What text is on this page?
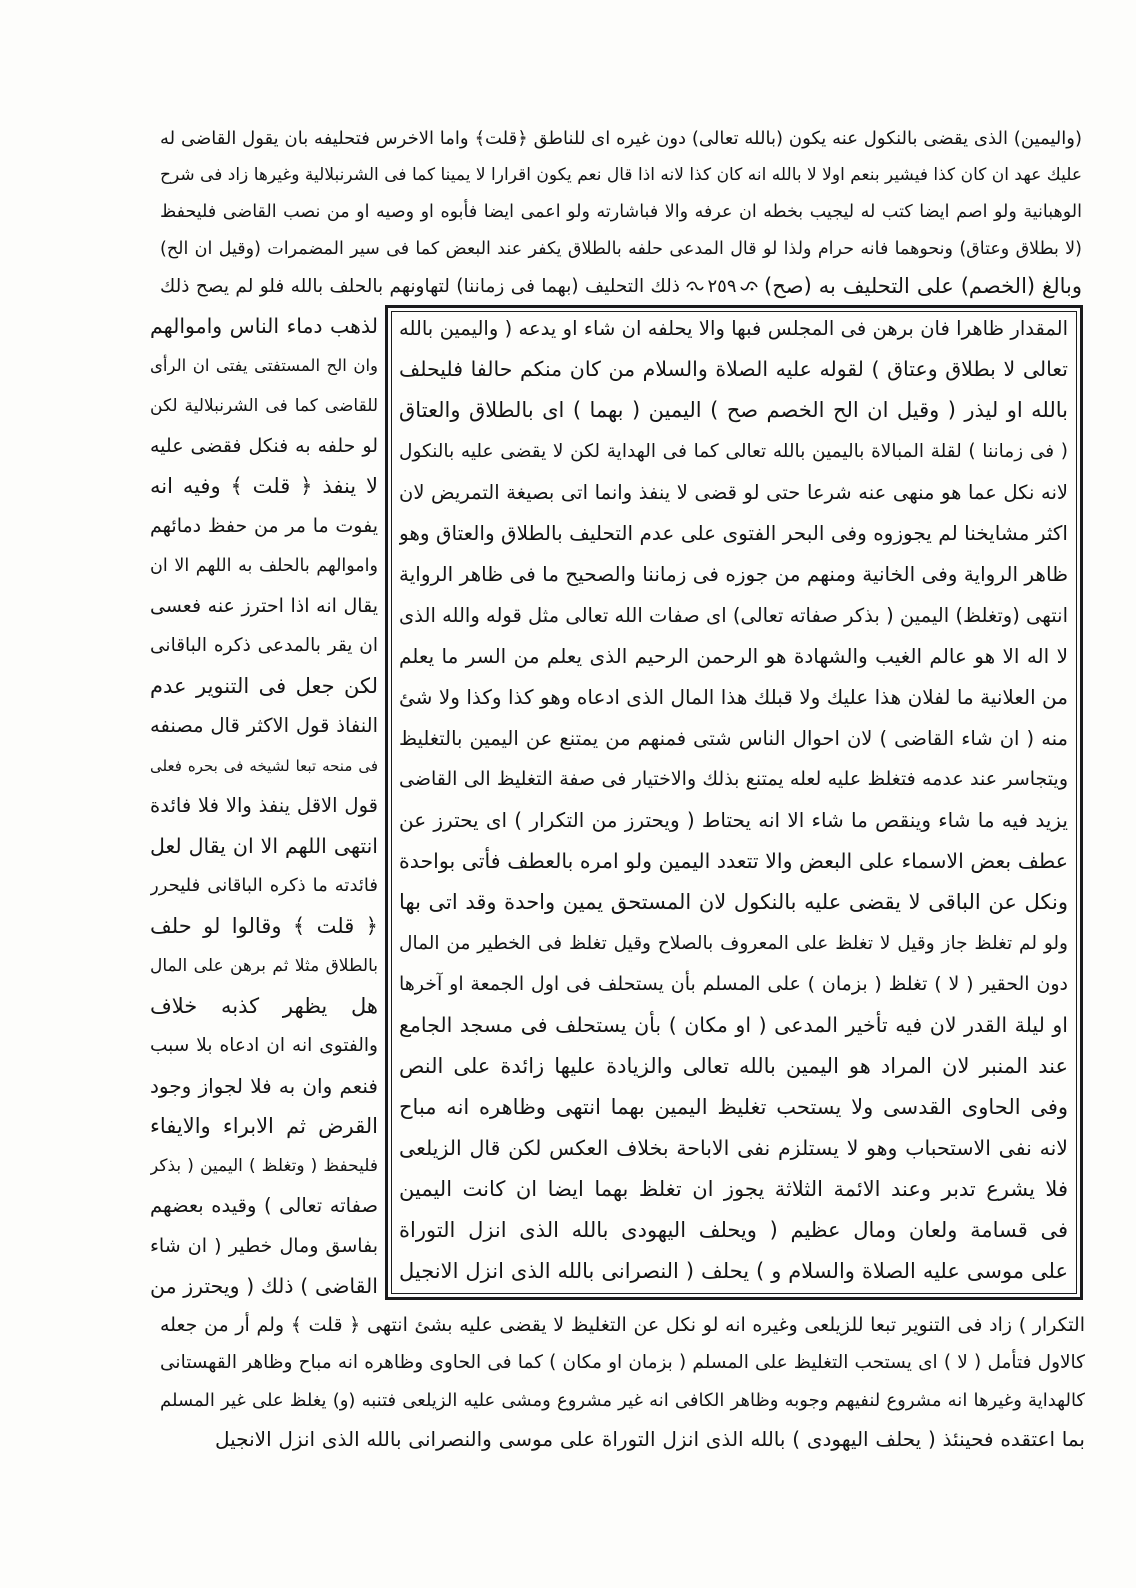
(واليمين) الذى يقضى بالنكول عنه يكون (بالله تعالى) دون غيره اى للناطق ﴿قلت﴾ واما الاخرس فتحليفه بان يقول القاضى له
عليك عهد ان كان كذا فيشير بنعم اولا لا بالله انه كان كذا لانه اذا قال نعم يكون اقرارا لا يمينا كما فى الشرنبلالية وغيرها زاد فى شرح
الوهبانية ولو اصم ايضا كتب له ليجيب بخطه ان عرفه والا فباشارته ولو اعمى ايضا فأبوه او وصيه او من نصب القاضى فليحفظ
(لا بطلاق وعتاق) ونحوهما فانه حرام ولذا لو قال المدعى حلفه بالطلاق يكفر عند البعض كما فى سير المضمرات (وقيل ان الح)
وبالغ (الخصم) على التحليف به (صح)
٢٥٩
ذلك التحليف (بهما فى زماننا) لتهاونهم بالحلف بالله فلو لم يصح ذلك
المقدار ظاهرا فان برهن فى المجلس فبها والا يحلفه ان شاء او يدعه ( واليمين بالله
تعالى لا بطلاق وعتاق ) لقوله عليه الصلاة والسلام من كان منكم حالفا فليحلف
بالله او ليذر ( وقيل ان الح الخصم صح ) اليمين ( بهما ) اى بالطلاق والعتاق
( فى زماننا ) لقلة المبالاة باليمين بالله تعالى كما فى الهداية لكن لا يقضى عليه بالنكول
لانه نكل عما هو منهى عنه شرعا حتى لو قضى لا ينفذ وانما اتى بصيغة التمريض لان
اكثر مشايخنا لم يجوزوه وفى البحر الفتوى على عدم التحليف بالطلاق والعتاق وهو
ظاهر الرواية وفى الخانية ومنهم من جوزه فى زماننا والصحيح ما فى ظاهر الرواية
انتهى (وتغلظ) اليمين ( بذكر صفاته تعالى) اى صفات الله تعالى مثل قوله والله الذى
لا اله الا هو عالم الغيب والشهادة هو الرحمن الرحيم الذى يعلم من السر ما يعلم
من العلانية ما لفلان هذا عليك ولا قبلك هذا المال الذى ادعاه وهو كذا وكذا ولا شئ
منه ( ان شاء القاضى ) لان احوال الناس شتى فمنهم من يمتنع عن اليمين بالتغليظ
ويتجاسر عند عدمه فتغلظ عليه لعله يمتنع بذلك والاختيار فى صفة التغليظ الى القاضى
يزيد فيه ما شاء وينقص ما شاء الا انه يحتاط ( ويحترز من التكرار ) اى يحترز عن
عطف بعض الاسماء على البعض والا تتعدد اليمين ولو امره بالعطف فأتى بواحدة
ونكل عن الباقى لا يقضى عليه بالنكول لان المستحق يمين واحدة وقد اتى بها
ولو لم تغلظ جاز وقيل لا تغلظ على المعروف بالصلاح وقيل تغلظ فى الخطير من المال
دون الحقير ( لا ) تغلظ ( بزمان ) على المسلم بأن يستحلف فى اول الجمعة او آخرها
او ليلة القدر لان فيه تأخير المدعى ( او مكان ) بأن يستحلف فى مسجد الجامع
عند المنبر لان المراد هو اليمين بالله تعالى والزيادة عليها زائدة على النص
وفى الحاوى القدسى ولا يستحب تغليظ اليمين بهما انتهى وظاهره انه مباح
لانه نفى الاستحباب وهو لا يستلزم نفى الاباحة بخلاف العكس لكن قال الزيلعى
فلا يشرع تدبر وعند الائمة الثلاثة يجوز ان تغلظ بهما ايضا ان كانت اليمين
فى قسامة ولعان ومال عظيم ( ويحلف اليهودى بالله الذى انزل التوراة
على موسى عليه الصلاة والسلام و ) يحلف ( النصرانى بالله الذى انزل الانجيل
لذهب دماء الناس واموالهم
وان الح المستفتى يفتى ان الرأى
للقاضى كما فى الشرنبلالية لكن
لو حلفه به فنكل فقضى عليه
لا ينفذ ﴿ قلت ﴾ وفيه انه
يفوت ما مر من حفظ دمائهم
واموالهم بالحلف به اللهم الا ان
يقال انه اذا احترز عنه فعسى
ان يقر بالمدعى ذكره الباقانى
لكن جعل فى التنوير عدم
النفاذ قول الاكثر قال مصنفه
فى منحه تبعا لشيخه فى بحره فعلى
قول الاقل ينفذ والا فلا فائدة
انتهى اللهم الا ان يقال لعل
فائدته ما ذكره الباقانى فليحرر
﴿ قلت ﴾ وقالوا لو حلف
بالطلاق مثلا ثم برهن على المال
هل يظهر كذبه خلاف
والفتوى انه ان ادعاه بلا سبب
فنعم وان به فلا لجواز وجود
القرض ثم الابراء والايفاء
فليحفظ ( وتغلظ ) اليمين ( بذكر
صفاته تعالى ) وقيده بعضهم
بفاسق ومال خطير ( ان شاء
القاضى ) ذلك ( ويحترز من
التكرار ) زاد فى التنوير تبعا للزيلعى وغيره انه لو نكل عن التغليظ لا يقضى عليه بشئ انتهى ﴿ قلت ﴾ ولم أر من جعله
كالاول فتأمل ( لا ) اى يستحب التغليظ على المسلم ( بزمان او مكان ) كما فى الحاوى وظاهره انه مباح وظاهر القهستانى
كالهداية وغيرها انه مشروع لنفيهم وجوبه وظاهر الكافى انه غير مشروع ومشى عليه الزيلعى فتنبه (و) يغلظ على غير المسلم
بما اعتقده فحينئذ ( يحلف اليهودى ) بالله الذى انزل التوراة على موسى والنصرانى بالله الذى انزل الانجيل
